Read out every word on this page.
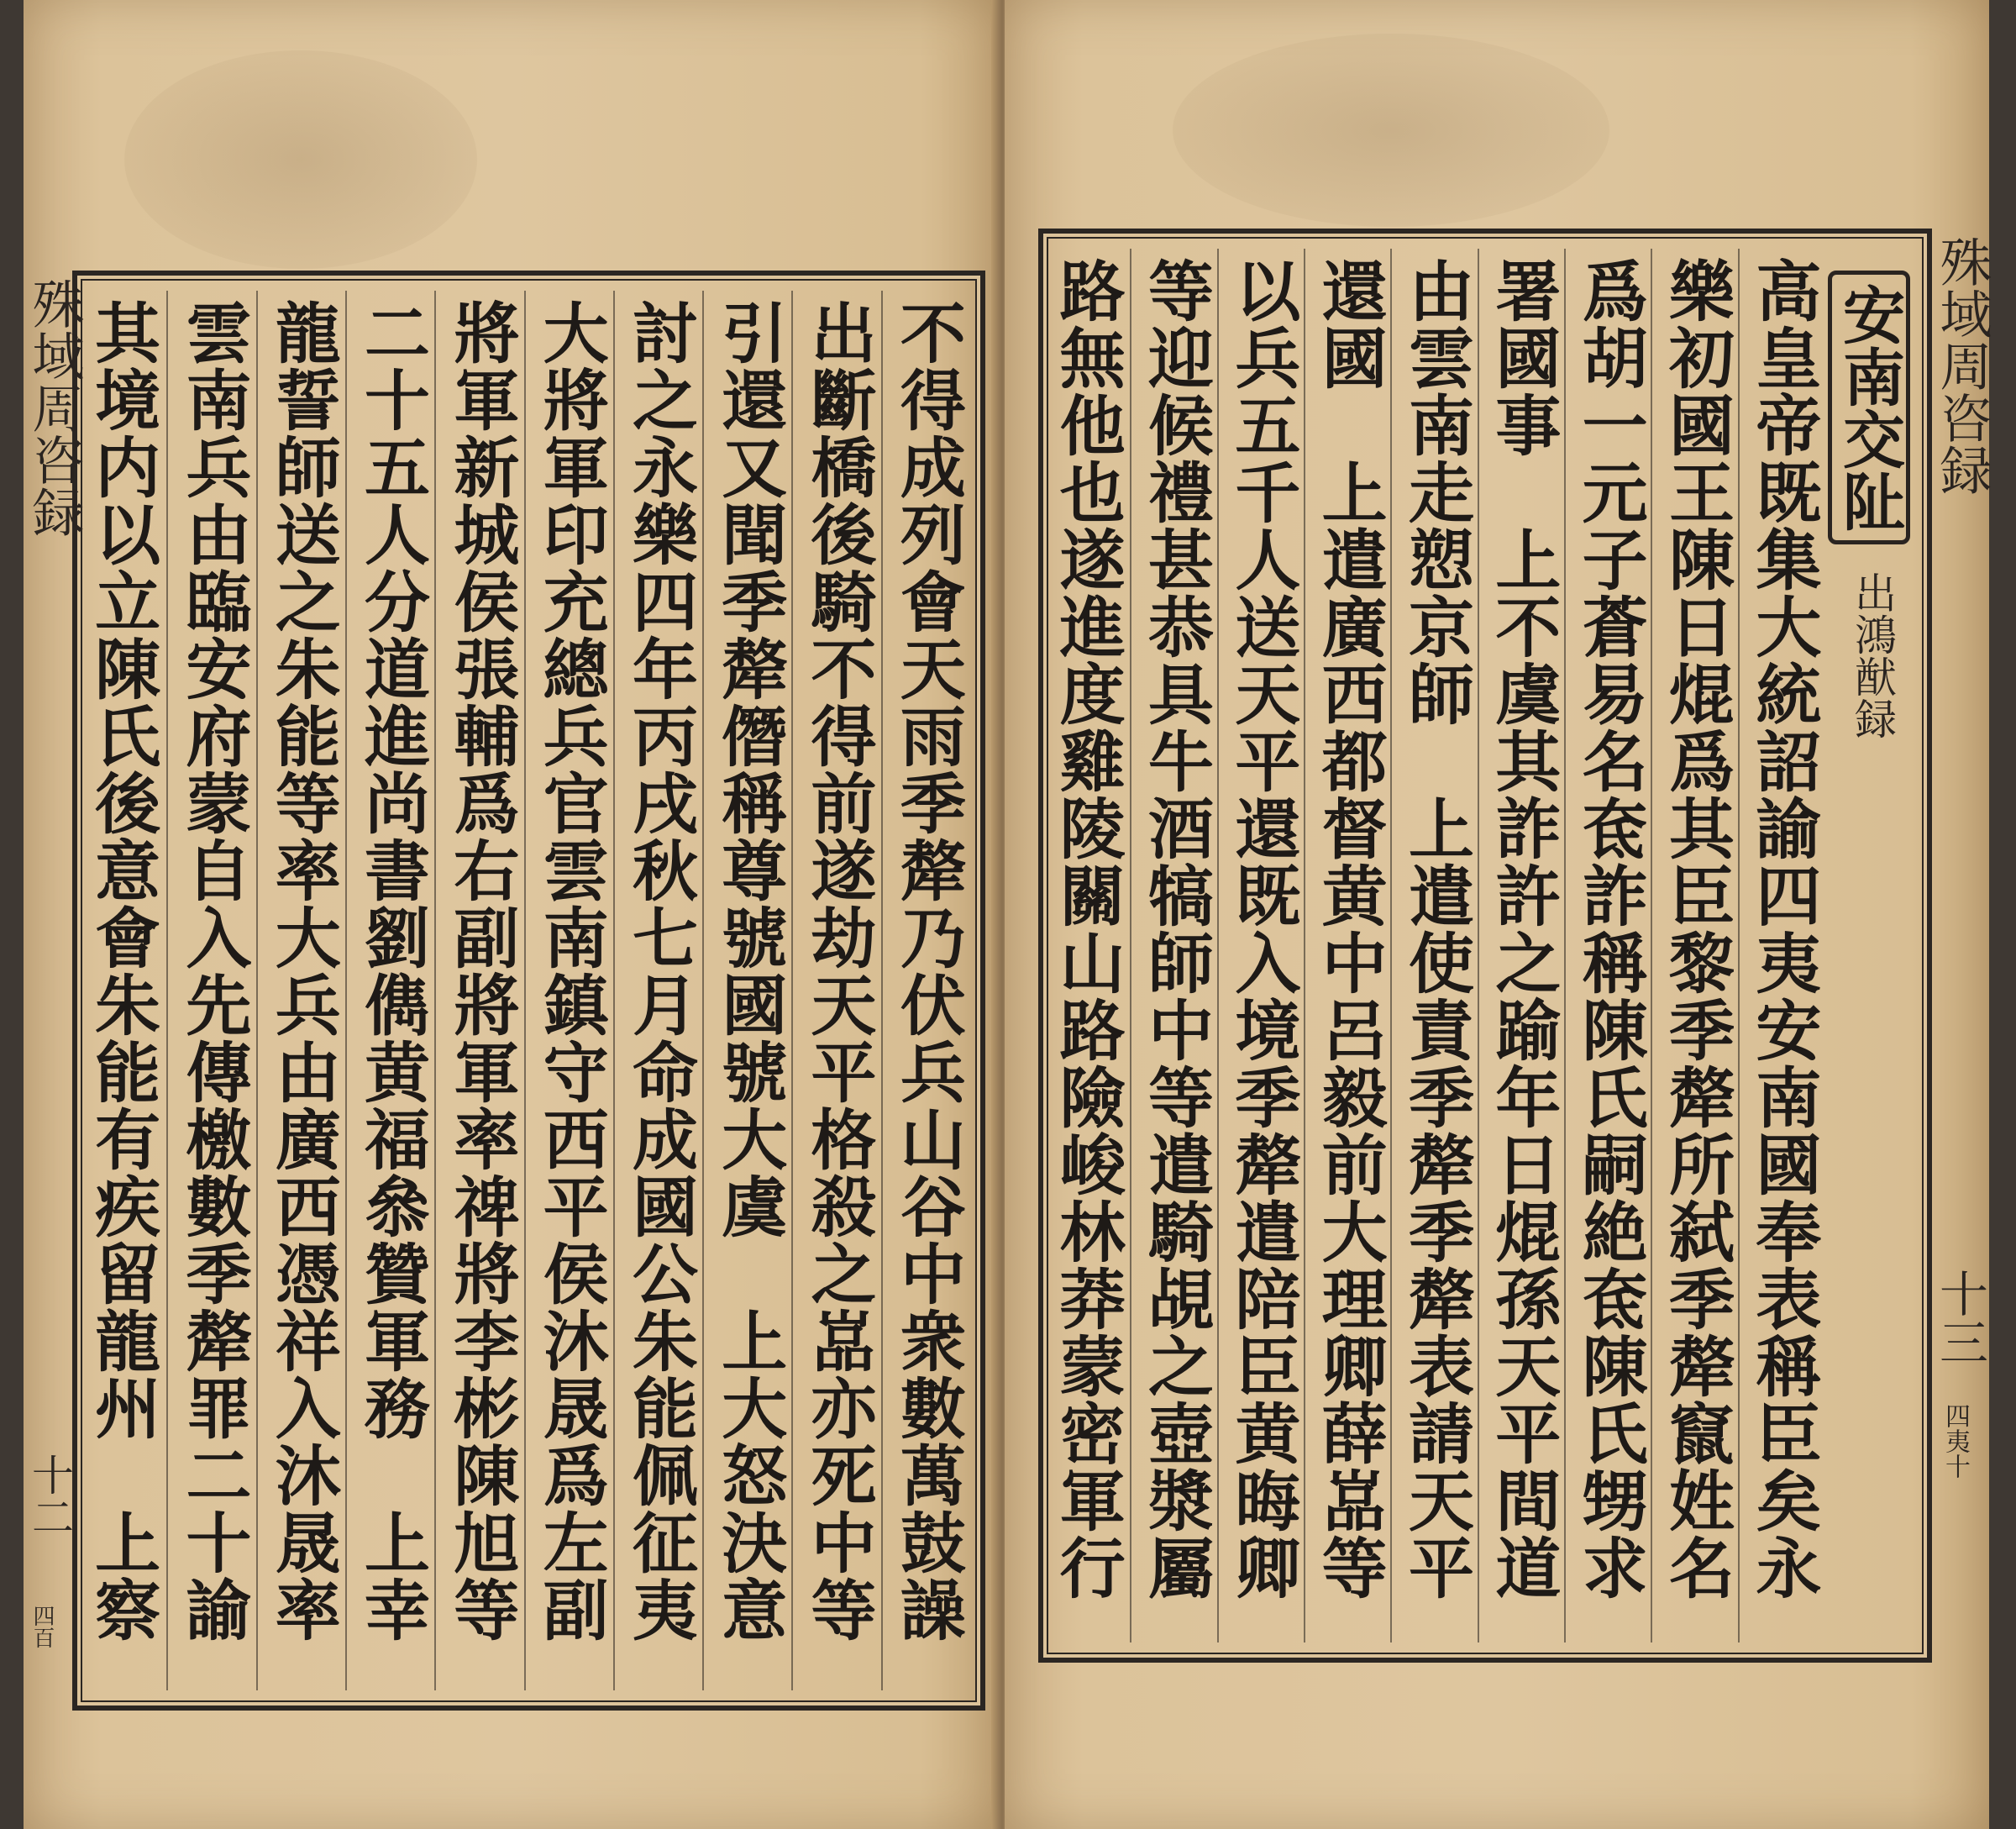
不得成列會天雨季犛乃伏兵山谷中衆數萬鼓譟
出斷橋後騎不得前遂劫天平格殺之嵓亦死中等
引還又聞季犛僭稱尊號國號大虞　上大怒決意
討之永樂四年丙戌秋七月命成國公朱能佩征夷
大將軍印充總兵官雲南鎮守西平侯沐晟爲左副
將軍新城侯張輔爲右副將軍率禆將李彬陳旭等
二十五人分道進尚書劉儁黄福叅贊軍務　上幸
龍誓師送之朱能等率大兵由廣西憑祥入沐晟率
雲南兵由臨安府蒙自入先傳檄數季犛罪二十諭
其境内以立陳氏後意會朱能有疾留龍州　上察
殊域周咨録
十二
四百
高皇帝既集大統詔諭四夷安南國奉表稱臣矣永
樂初國王陳日焜爲其臣黎季犛所弑季犛竄姓名
爲胡一元子蒼易名奃詐稱陳氏嗣絶奃陳氏甥求
署國事　上不虞其詐許之踰年日焜孫天平間道
由雲南走愬京師　上遣使責季犛季犛表請天平
還國　上遣廣西都督黄中呂毅前大理卿薛嵓等
以兵五千人送天平還既入境季犛遣陪臣黄晦卿
等迎候禮甚恭具牛酒犒師中等遣騎覘之壺漿屬
路無他也遂進度雞陵關山路險峻林莽蒙密軍行	安南交阯
出鴻猷録
殊域周咨録
十三
四夷十
